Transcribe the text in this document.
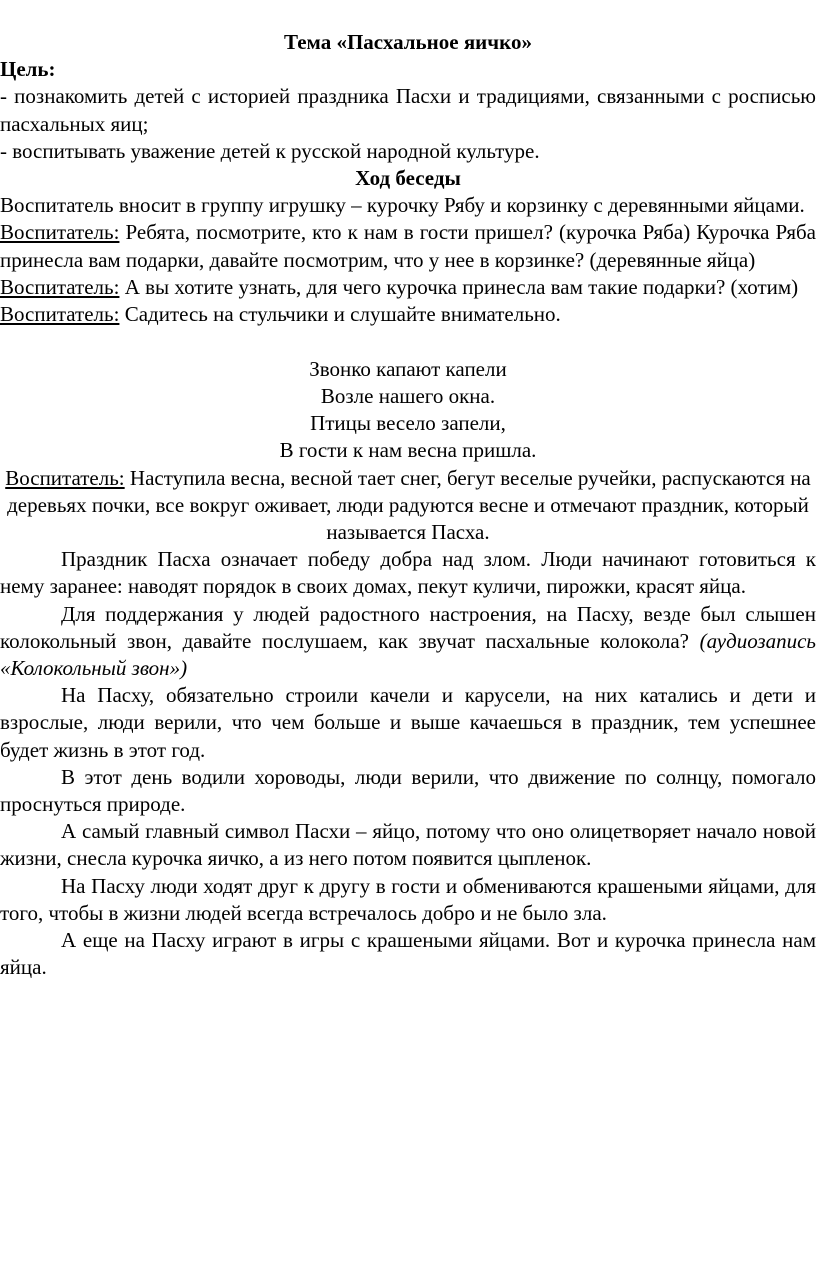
Тема «Пасхальное яичко»

Цель:

- познакомить детей с историей праздника Пасхи и традициями, связанными с росписью пасхальных яиц;

- воспитывать уважение детей к русской народной культуре.

Ход беседы

Воспитатель вносит в группу игрушку – курочку Рябу и корзинку с деревянными яйцами.

Воспитатель: Ребята, посмотрите, кто к нам в гости пришел? (курочка Ряба) Курочка Ряба принесла вам подарки, давайте посмотрим, что у нее в корзинке? (деревянные яйца)

Воспитатель: А вы хотите узнать, для чего курочка принесла вам такие подарки? (хотим)

Воспитатель: Садитесь на стульчики и слушайте внимательно.

Звонко капают капели

Возле нашего окна.

Птицы весело запели,

В гости к нам весна пришла.

Воспитатель: Наступила весна, весной тает снег, бегут веселые ручейки, распускаются на деревьях почки, все вокруг оживает, люди радуются весне и отмечают праздник, который называется Пасха.

Праздник Пасха означает победу добра над злом. Люди начинают готовиться к нему заранее: наводят порядок в своих домах, пекут куличи, пирожки, красят яйца.

Для поддержания у людей радостного настроения, на Пасху, везде был слышен колокольный звон, давайте послушаем, как звучат пасхальные колокола? (аудиозапись «Колокольный звон»)

На Пасху, обязательно строили качели и карусели, на них катались и дети и взрослые, люди верили, что чем больше и выше качаешься в праздник, тем успешнее будет жизнь в этот год.

В этот день водили хороводы, люди верили, что движение по солнцу, помогало проснуться природе.

А самый главный символ Пасхи – яйцо, потому что оно олицетворяет начало новой жизни, снесла курочка яичко, а из него потом появится цыпленок.

На Пасху люди ходят друг к другу в гости и обмениваются крашеными яйцами, для того, чтобы в жизни людей всегда встречалось добро и не было зла.

А еще на Пасху играют в игры с крашеными яйцами. Вот и курочка принесла нам яйца.
